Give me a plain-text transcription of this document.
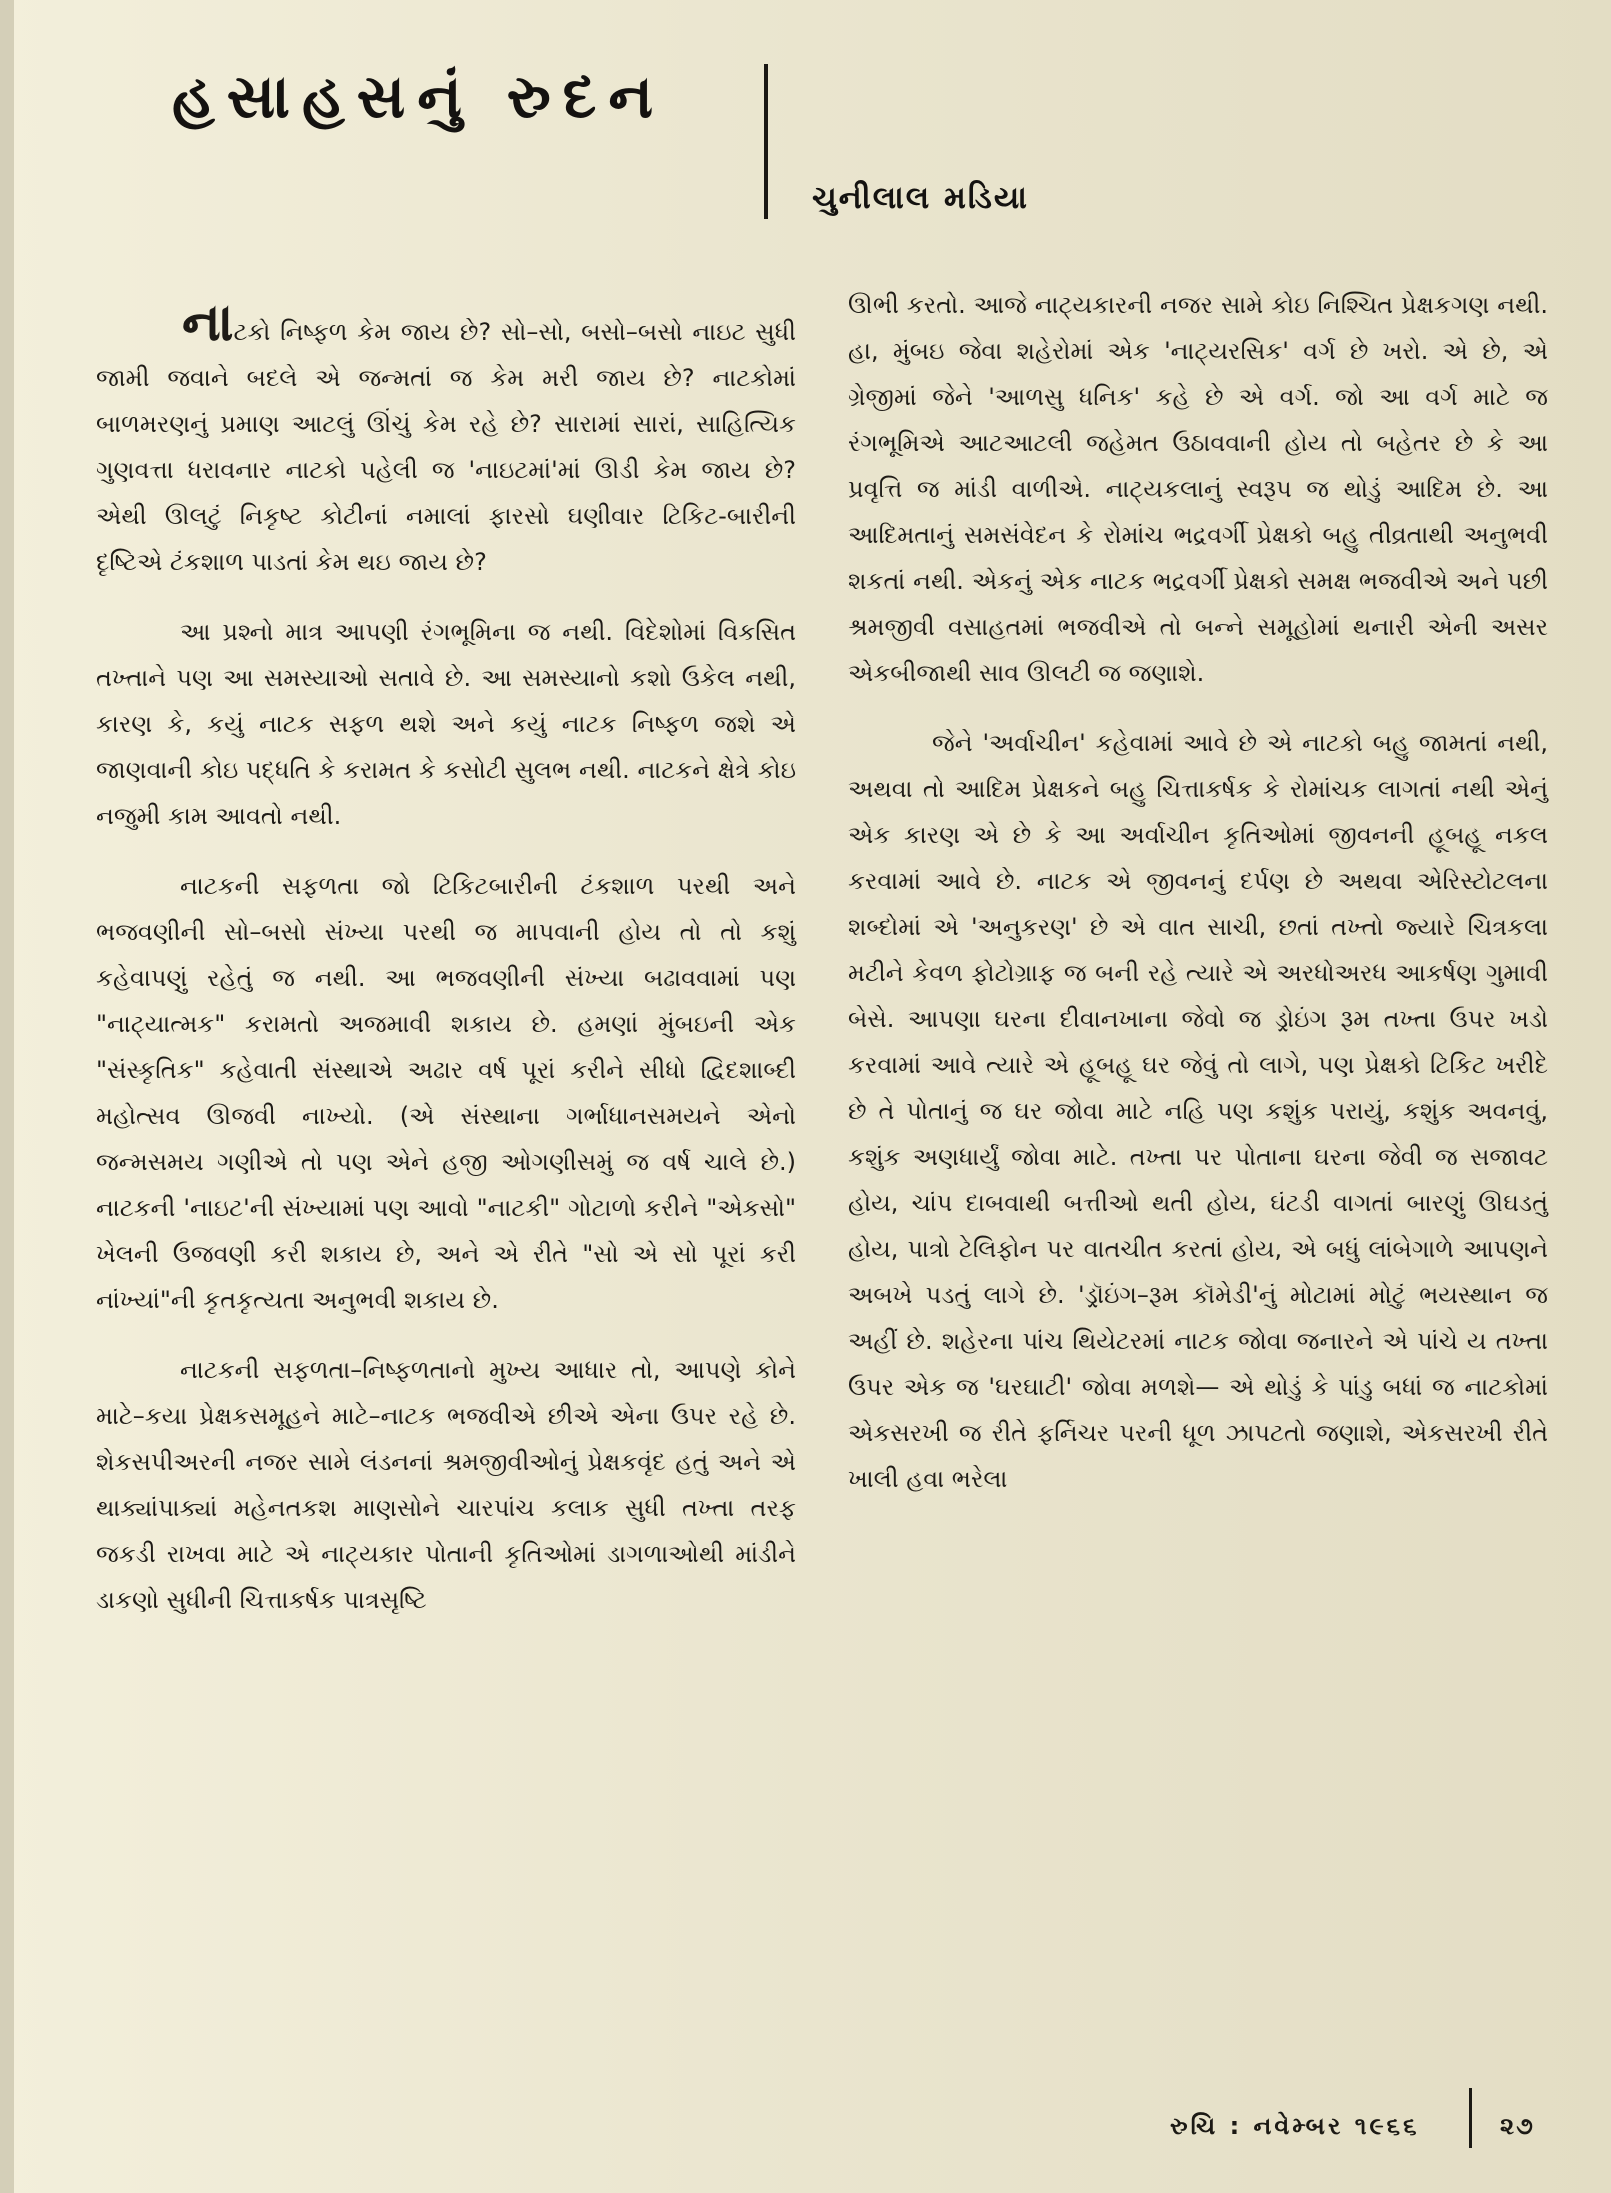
હસાહસનું રુદન
ચુનીલાલ મડિયા

નાટકો નિષ્ફળ કેમ જાય છે? સો–સો, બસો–બસો નાઇટ સુધી જામી જવાને બદલે એ જન્મતાં જ કેમ મરી જાય છે? નાટકોમાં બાળમરણનું પ્રમાણ આટલું ઊંચું કેમ રહે છે? સારામાં સારાં, સાહિત્યિક ગુણવત્તા ધરાવનાર નાટકો પહેલી જ 'નાઇટમાં'માં ઊડી કેમ જાય છે? એથી ઊલટું નિકૃષ્ટ કોટીનાં નમાલાં ફારસો ઘણીવાર ટિકિટ-બારીની દૃષ્ટિએ ટંકશાળ પાડતાં કેમ થઇ જાય છે?

આ પ્રશ્નો માત્ર આપણી રંગભૂમિના જ નથી. વિદેશોમાં વિકસિત તખ્તાને પણ આ સમસ્યાઓ સતાવે છે. આ સમસ્યાનો કશો ઉકેલ નથી, કારણ કે, કયું નાટક સફળ થશે અને કયું નાટક નિષ્ફળ જશે એ જાણવાની કોઇ પદ્ધતિ કે કરામત કે કસોટી સુલભ નથી. નાટકને ક્ષેત્રે કોઇ નજુમી કામ આવતો નથી.

નાટકની સફળતા જો ટિકિટબારીની ટંકશાળ પરથી અને ભજવણીની સો–બસો સંખ્યા પરથી જ માપવાની હોય તો તો કશું કહેવાપણું રહેતું જ નથી. આ ભજવણીની સંખ્યા બઢાવવામાં પણ "નાટ્યાત્મક" કરામતો અજમાવી શકાય છે. હમણાં મુંબઇની એક "સંસ્કૃતિક" કહેવાતી સંસ્થાએ અઢાર વર્ષ પૂરાં કરીને સીધો દ્વિદશાબ્દી મહોત્સવ ઊજવી નાખ્યો. (એ સંસ્થાના ગર્ભાધાનસમયને એનો જન્મસમય ગણીએ તો પણ એને હજી ઓગણીસમું જ વર્ષ ચાલે છે.) નાટકની 'નાઇટ'ની સંખ્યામાં પણ આવો "નાટકી" ગોટાળો કરીને "એકસો" ખેલની ઉજવણી કરી શકાય છે, અને એ રીતે "સો એ સો પૂરાં કરી નાંખ્યાં"ની કૃતકૃત્યતા અનુભવી શકાય છે.

નાટકની સફળતા–નિષ્ફળતાનો મુખ્ય આધાર તો, આપણે કોને માટે–કયા પ્રેક્ષકસમૂહને માટે–નાટક ભજવીએ છીએ એના ઉપર રહે છે. શેકસપીઅરની નજર સામે લંડનનાં શ્રમજીવીઓનું પ્રેક્ષકવૃંદ હતું અને એ થાક્યાંપાક્યાં મહેનતકશ માણસોને ચારપાંચ કલાક સુધી તખ્તા તરફ જકડી રાખવા માટે એ નાટ્યકાર પોતાની કૃતિઓમાં ડાગળાઓથી માંડીને ડાકણો સુધીની ચિત્તાકર્ષક પાત્રસૃષ્ટિ

ઊભી કરતો. આજે નાટ્યકારની નજર સામે કોઇ નિશ્ચિત પ્રેક્ષકગણ નથી. હા, મુંબઇ જેવા શહેરોમાં એક 'નાટ્યરસિક' વર્ગ છે ખરો. એ છે, એ ગ્રેજીમાં જેને 'આળસુ ધનિક' કહે છે એ વર્ગ. જો આ વર્ગ માટે જ રંગભૂમિએ આટઆટલી જહેમત ઉઠાવવાની હોય તો બહેતર છે કે આ પ્રવૃત્તિ જ માંડી વાળીએ. નાટ્યકલાનું સ્વરૂપ જ થોડું આદિમ છે. આ આદિમતાનું સમસંવેદન કે રોમાંચ ભદ્રવર્ગી પ્રેક્ષકો બહુ તીવ્રતાથી અનુભવી શકતાં નથી. એકનું એક નાટક ભદ્રવર્ગી પ્રેક્ષકો સમક્ષ ભજવીએ અને પછી શ્રમજીવી વસાહતમાં ભજવીએ તો બન્ને સમૂહોમાં થનારી એની અસર એકબીજાથી સાવ ઊલટી જ જણાશે.

જેને 'અર્વાચીન' કહેવામાં આવે છે એ નાટકો બહુ જામતાં નથી, અથવા તો આદિમ પ્રેક્ષકને બહુ ચિત્તાકર્ષક કે રોમાંચક લાગતાં નથી એનું એક કારણ એ છે કે આ અર્વાચીન કૃતિઓમાં જીવનની હૂબહૂ નકલ કરવામાં આવે છે. નાટક એ જીવનનું દર્પણ છે અથવા એરિસ્ટોટલના શબ્દોમાં એ 'અનુકરણ' છે એ વાત સાચી, છતાં તખ્તો જ્યારે ચિત્રકલા મટીને કેવળ ફોટોગ્રાફ જ બની રહે ત્યારે એ અરધોઅરધ આકર્ષણ ગુમાવી બેસે. આપણા ઘરના દીવાનખાના જેવો જ ડ્રોઇંગ રૂમ તખ્તા ઉપર ખડો કરવામાં આવે ત્યારે એ હૂબહૂ ઘર જેવું તો લાગે, પણ પ્રેક્ષકો ટિકિટ ખરીદે છે તે પોતાનું જ ઘર જોવા માટે નહિ પણ કશુંક પરાયું, કશુંક અવનવું, કશુંક અણધાર્યું જોવા માટે. તખ્તા પર પોતાના ઘરના જેવી જ સજાવટ હોય, ચાંપ દાબવાથી બત્તીઓ થતી હોય, ઘંટડી વાગતાં બારણું ઊઘડતું હોય, પાત્રો ટેલિફોન પર વાતચીત કરતાં હોય, એ બધું લાંબેગાળે આપણને અબખે પડતું લાગે છે. 'ડ્રૉઇંગ–રૂમ કૉમેડી'નું મોટામાં મોટું ભયસ્થાન જ અહીં છે. શહેરના પાંચ થિયેટરમાં નાટક જોવા જનારને એ પાંચે ય તખ્તા ઉપર એક જ 'ઘરઘાટી' જોવા મળશે— એ થોડું કે પાંડુ બધાં જ નાટકોમાં એકસરખી જ રીતે ફર્નિચર પરની ધૂળ ઝાપટતો જણાશે, એકસરખી રીતે ખાલી હવા ભરેલા

રુચિ : નવેમ્બર ૧૯૬૬	૨૭
